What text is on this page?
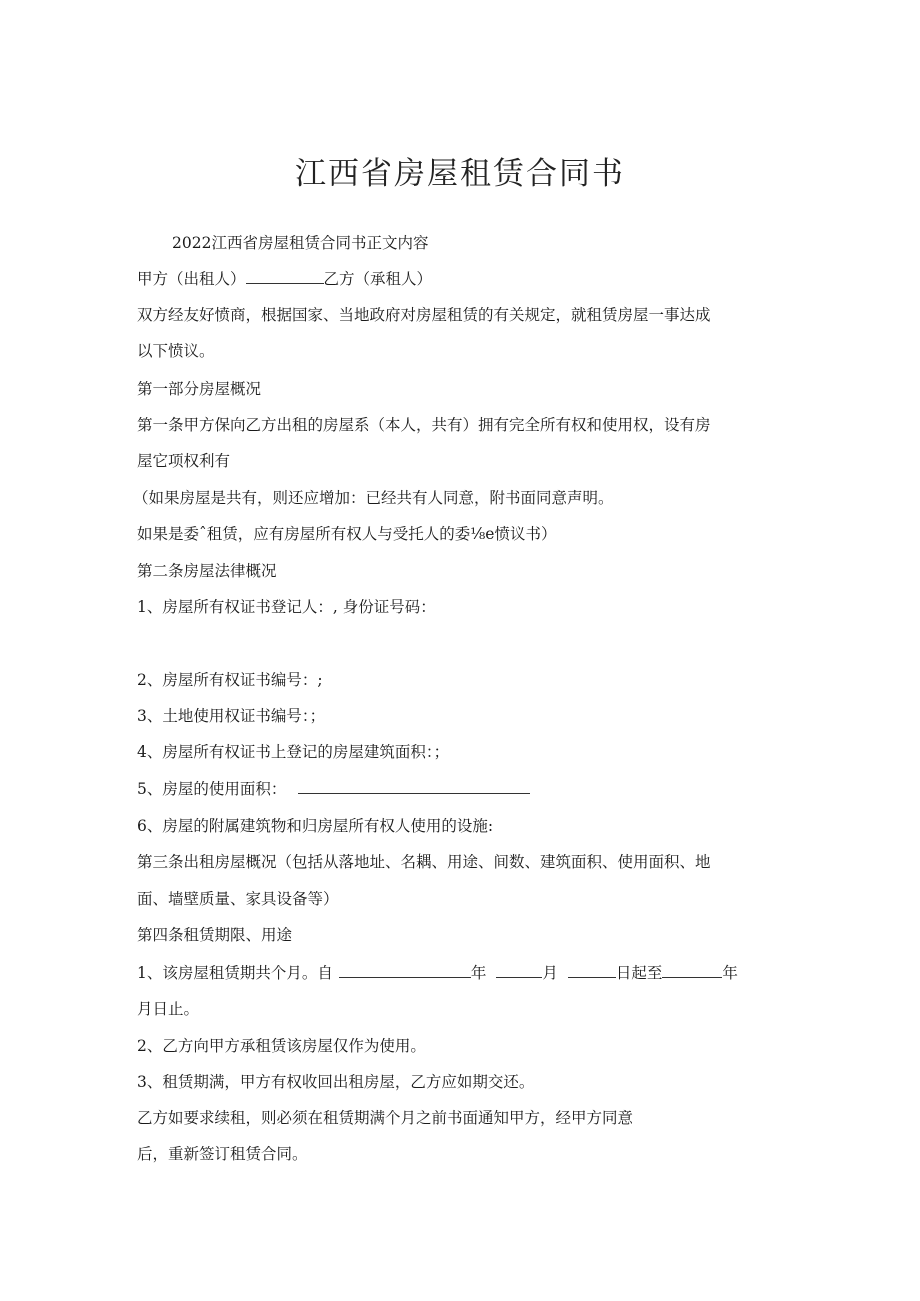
江西省房屋租赁合同书
2022江西省房屋租赁合同书正文内容
甲方（出租人）	乙方（承租人）
双方经友好愤商，根据国家、当地政府对房屋租赁的有关规定，就租赁房屋一事达成
以下愤议。
第一部分房屋概况
第一条甲方保向乙方出租的房屋系（本人，共有）拥有完全所有权和使用权，设有房
屋它项权利有
（如果房屋是共有，则还应增加：已经共有人同意，附书面同意声明。
如果是委ˆ租赁，应有房屋所有权人与受托人的委⅛e愤议书）
第二条房屋法律概况
1、房屋所有权证书登记人：, 身份证号码：
2、房屋所有权证书编号：;
3、土地使用权证书编号：；
4、房屋所有权证书上登记的房屋建筑面积：；
5、房屋的使用面积：
6、房屋的附属建筑物和归房屋所有权人使用的设施:
第三条出租房屋概况（包括从落地址、名耦、用途、间数、建筑面积、使用面积、地
面、墙壁质量、家具设备等）
第四条租赁期限、用途
1、该房屋租赁期共个月。自	年	月	日起至	年
月日止。
2、乙方向甲方承租赁该房屋仅作为使用。
3、租赁期满，甲方有权收回出租房屋，乙方应如期交还。
乙方如要求续租，则必须在租赁期满个月之前书面通知甲方，经甲方同意
后，重新签订租赁合同。
